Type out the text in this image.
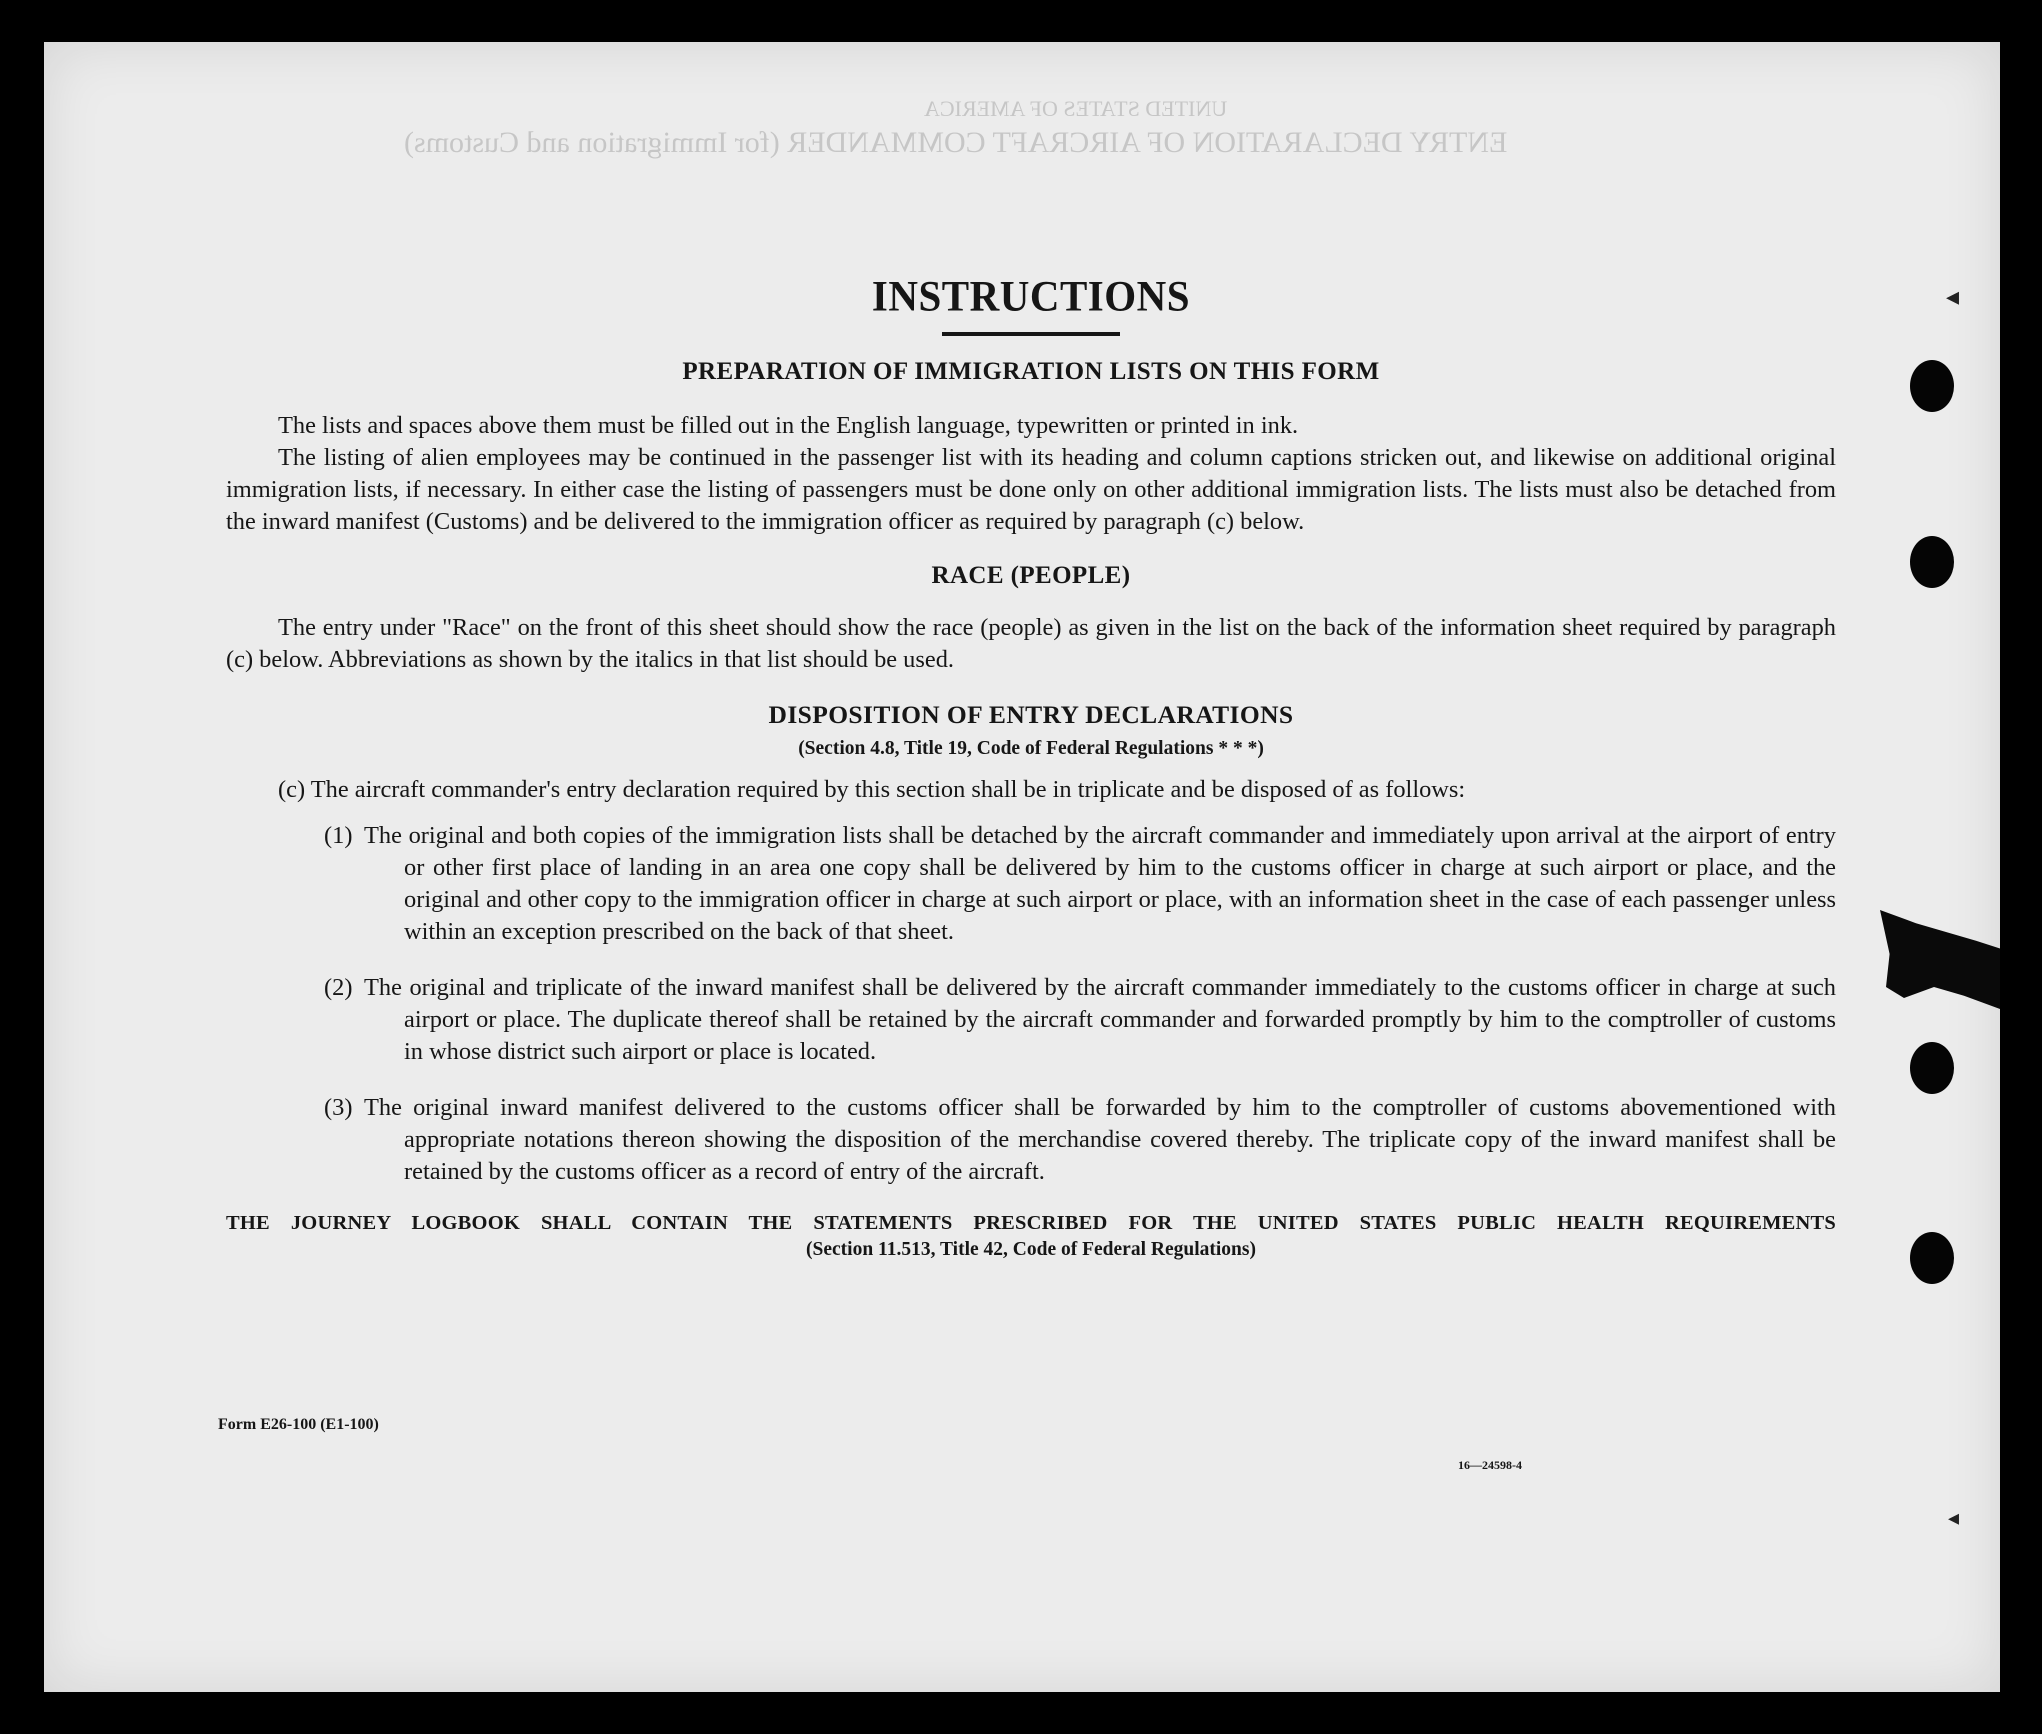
UNITED STATES OF AMERICA
ENTRY DECLARATION OF AIRCRAFT COMMANDER (for Immigration and Customs)
◂
◂
INSTRUCTIONS
PREPARATION OF IMMIGRATION LISTS ON THIS FORM

The lists and spaces above them must be filled out in the English language, typewritten or printed in ink.

The listing of alien employees may be continued in the passenger list with its heading and column captions stricken out, and likewise on additional original immigration lists, if necessary. In either case the listing of passengers must be done only on other additional immigration lists. The lists must also be detached from the inward manifest (Customs) and be delivered to the immigration officer as required by paragraph (c) below.

RACE (PEOPLE)

The entry under "Race" on the front of this sheet should show the race (people) as given in the list on the back of the information sheet required by paragraph (c) below. Abbreviations as shown by the italics in that list should be used.

DISPOSITION OF ENTRY DECLARATIONS
(Section 4.8, Title 19, Code of Federal Regulations * * *)

(c) The aircraft commander's entry declaration required by this section shall be in triplicate and be disposed of as follows:

(1) The original and both copies of the immigration lists shall be detached by the aircraft commander and immediately upon arrival at the airport of entry or other first place of landing in an area one copy shall be delivered by him to the customs officer in charge at such airport or place, and the original and other copy to the immigration officer in charge at such airport or place, with an information sheet in the case of each passenger unless within an exception prescribed on the back of that sheet.
(2) The original and triplicate of the inward manifest shall be delivered by the aircraft commander immediately to the customs officer in charge at such airport or place. The duplicate thereof shall be retained by the aircraft commander and forwarded promptly by him to the comptroller of customs in whose district such airport or place is located.
(3) The original inward manifest delivered to the customs officer shall be forwarded by him to the comptroller of customs abovementioned with appropriate notations thereon showing the disposition of the merchandise covered thereby. The triplicate copy of the inward manifest shall be retained by the customs officer as a record of entry of the aircraft.
THE JOURNEY LOGBOOK SHALL CONTAIN THE STATEMENTS PRESCRIBED FOR THE UNITED STATES PUBLIC HEALTH REQUIREMENTS
(Section 11.513, Title 42, Code of Federal Regulations)
Form E26-100 (E1-100)
16—24598-4
